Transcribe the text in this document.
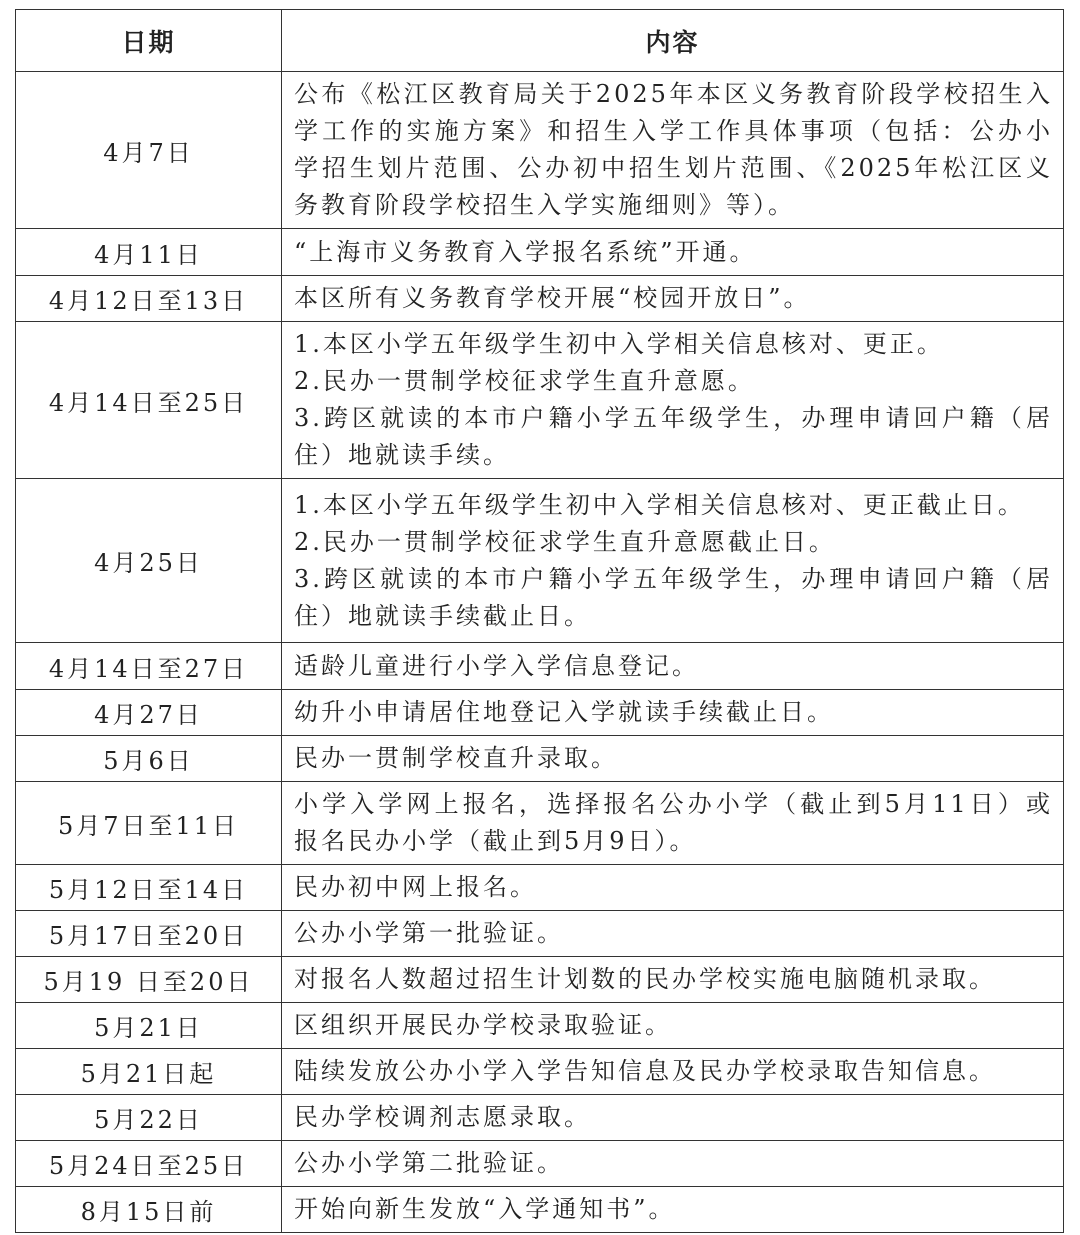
日期	内容
4月7日	公布《松江区教育局关于2025年本区义务教育阶段学校招生入
学工作的实施方案》和招生入学工作具体事项（包括：公办小
学招生划片范围、公办初中招生划片范围、《2025年松江区义
务教育阶段学校招生入学实施细则》等）。

4月11日	“上海市义务教育入学报名系统”开通。

4月12日至13日	本区所有义务教育学校开展“校园开放日”。

4月14日至25日	1.本区小学五年级学生初中入学相关信息核对、更正。
2.民办一贯制学校征求学生直升意愿。
3.跨区就读的本市户籍小学五年级学生，办理申请回户籍（居
住）地就读手续。

4月25日	1.本区小学五年级学生初中入学相关信息核对、更正截止日。
2.民办一贯制学校征求学生直升意愿截止日。
3.跨区就读的本市户籍小学五年级学生，办理申请回户籍（居
住）地就读手续截止日。

4月14日至27日	适龄儿童进行小学入学信息登记。

4月27日	幼升小申请居住地登记入学就读手续截止日。

5月6日	民办一贯制学校直升录取。

5月7日至11日	小学入学网上报名，选择报名公办小学（截止到5月11日）或
报名民办小学（截止到5月9日）。

5月12日至14日	民办初中网上报名。

5月17日至20日	公办小学第一批验证。

5月19 日至20日	对报名人数超过招生计划数的民办学校实施电脑随机录取。

5月21日	区组织开展民办学校录取验证。

5月21日起	陆续发放公办小学入学告知信息及民办学校录取告知信息。

5月22日	民办学校调剂志愿录取。

5月24日至25日	公办小学第二批验证。

8月15日前	开始向新生发放“入学通知书”。
